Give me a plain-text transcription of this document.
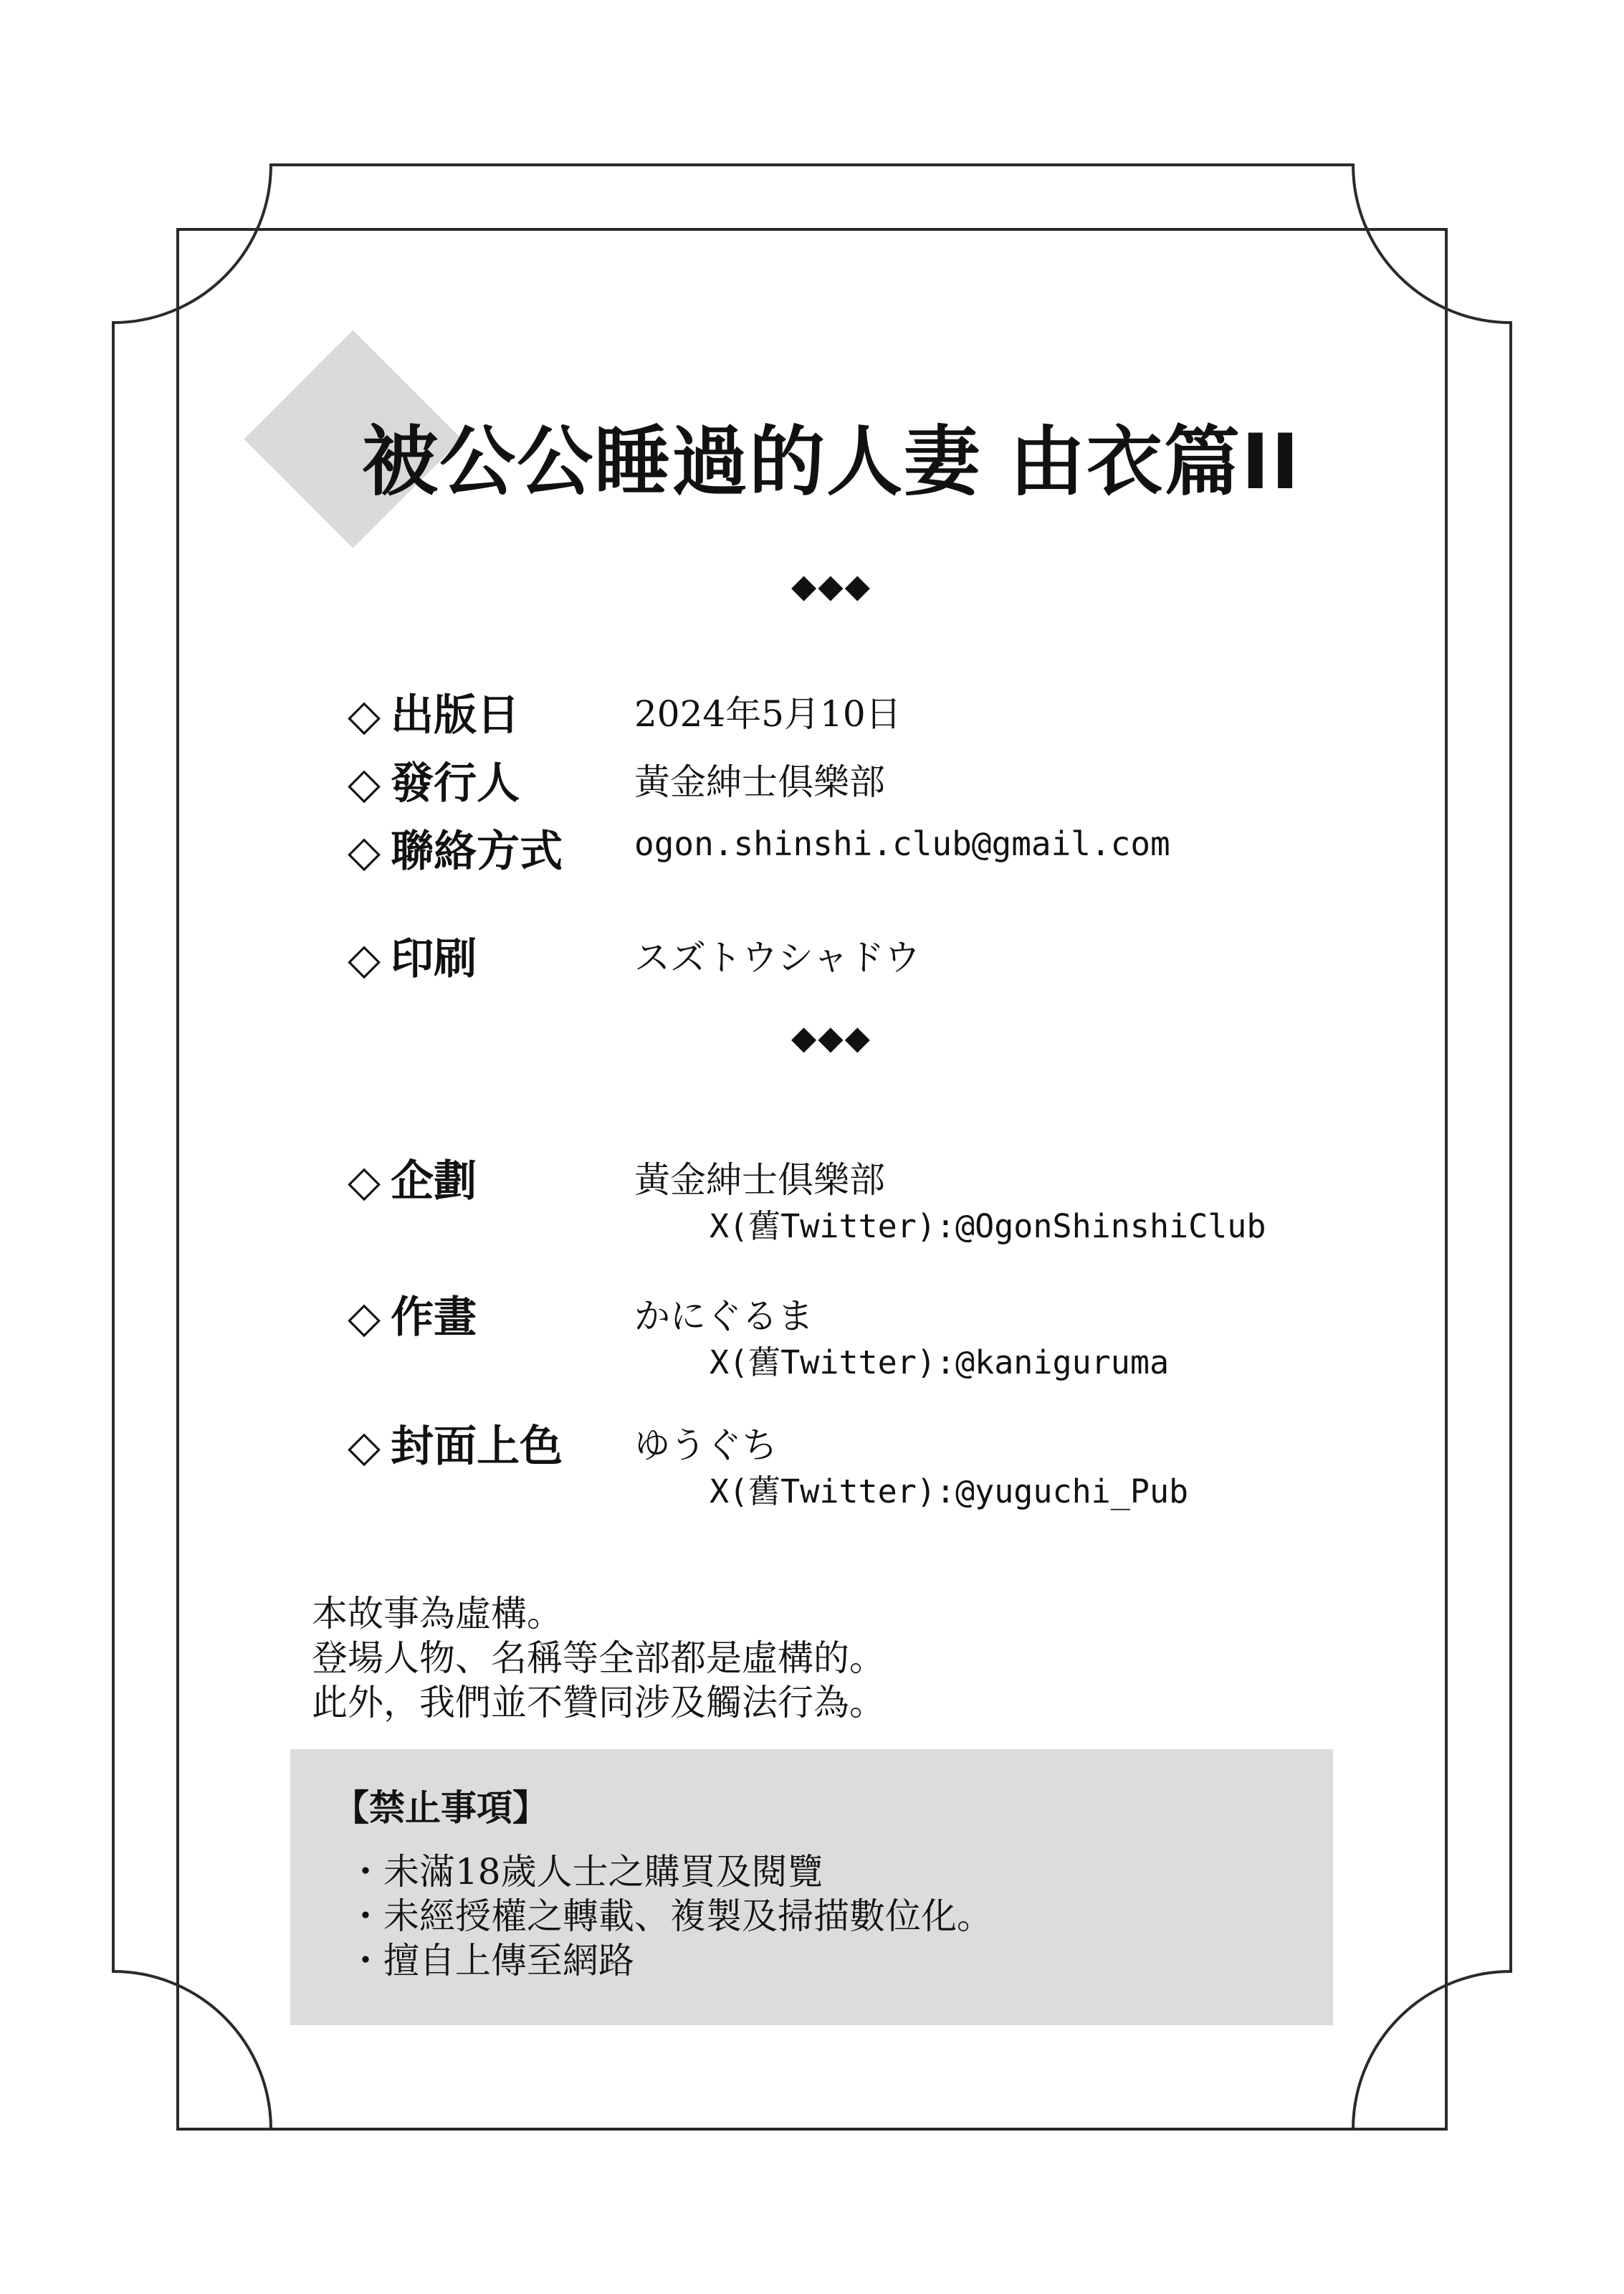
被公公睡過的人妻 由衣篇II
◆◆◆
◇ 出版日	2024年5月10日
◇ 發行人	黃金紳士俱樂部
◇ 聯絡方式 ogon.shinshi.club@gmail.com
◇ 印刷	スズトウシャドウ
◆◆◆
◇ 企劃	黃金紳士俱樂部
X(舊Twitter):@OgonShinshiClub
◇ 作畫	かにぐるま
X(舊Twitter):@kaniguruma
◇ 封面上色 ゆうぐち
X(舊Twitter):@yuguchi_Pub
本故事為虛構。
登場人物、名稱等全部都是虛構的。
此外，我們並不贊同涉及觸法行為。
【禁止事項】
・未滿18歲人士之購買及閱覽
・未經授權之轉載、複製及掃描數位化。
・擅自上傳至網路
